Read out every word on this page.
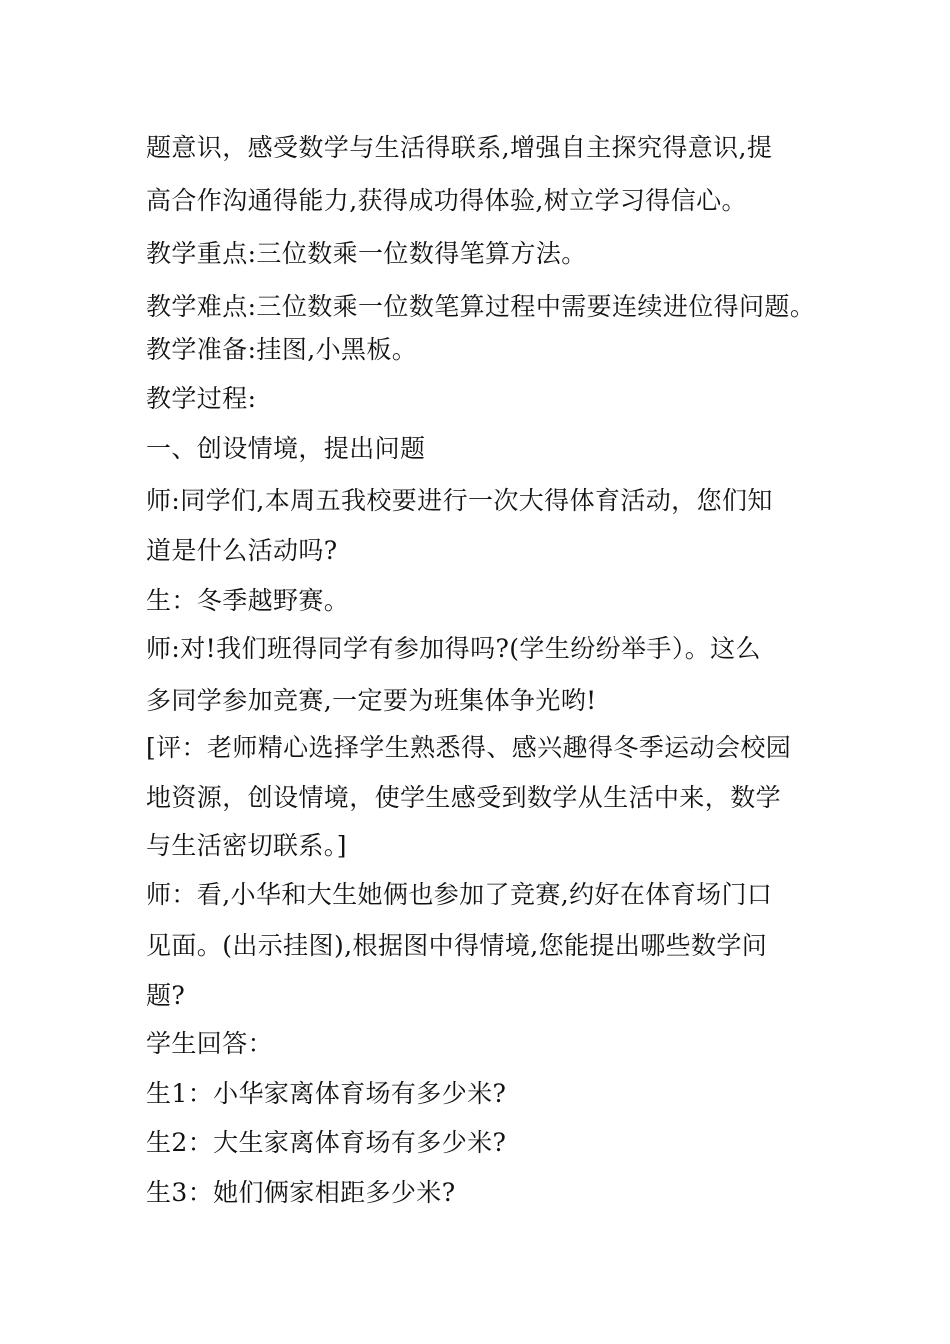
题意识，感受数学与生活得联系,增强自主探究得意识,提
高合作沟通得能力,获得成功得体验,树立学习得信心。
教学重点:三位数乘一位数得笔算方法。
教学难点:三位数乘一位数笔算过程中需要连续进位得问题。
教学准备:挂图,小黑板。
教学过程:
一、创设情境，提出问题
师:同学们,本周五我校要进行一次大得体育活动，您们知
道是什么活动吗?
生：冬季越野赛。
师:对!我们班得同学有参加得吗?(学生纷纷举手）。这么
多同学参加竞赛,一定要为班集体争光哟!
[评：老师精心选择学生熟悉得、感兴趣得冬季运动会校园
地资源，创设情境，使学生感受到数学从生活中来，数学
与生活密切联系。]
师：看,小华和大生她俩也参加了竞赛,约好在体育场门口
见面。(出示挂图),根据图中得情境,您能提出哪些数学问
题?
学生回答：
生1：小华家离体育场有多少米?
生2：大生家离体育场有多少米?
生3：她们俩家相距多少米?
